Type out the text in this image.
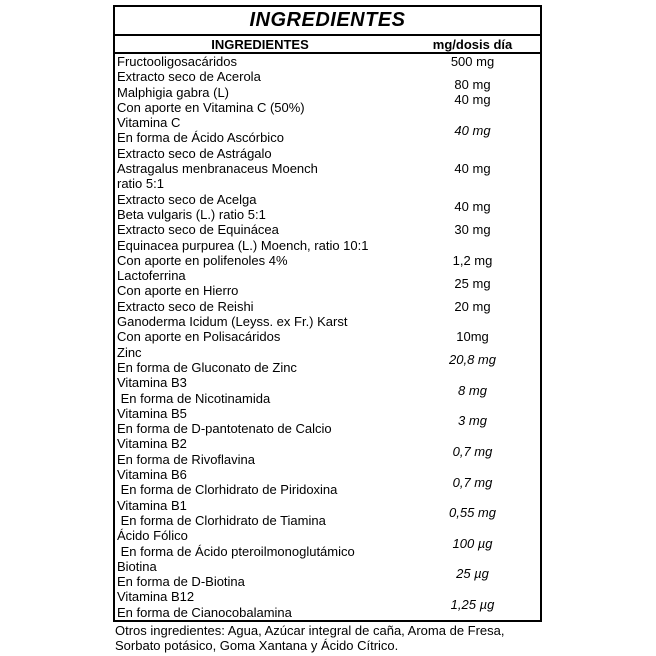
INGREDIENTES
INGREDIENTES	mg/dosis día
Fructooligosacáridos	500 mg
Extracto seco de Acerola
Malphigia gabra (L)
Con aporte en Vitamina C (50%)
80 mg
40 mg
Vitamina C
En forma de Ácido Ascórbico
40 mg
Extracto seco de Astrágalo
Astragalus menbranaceus Moench
ratio 5:1
40 mg
Extracto seco de Acelga
Beta vulgaris (L.) ratio 5:1
40 mg
Extracto seco de Equinácea
Equinacea purpurea (L.) Moench, ratio 10:1
Con aporte en polifenoles 4%
30 mg
1,2 mg
Lactoferrina
Con aporte en Hierro
25 mg
Extracto seco de Reishi
Ganoderma Icidum (Leyss. ex Fr.) Karst
Con aporte en Polisacáridos
20 mg
10mg
Zinc
En forma de Gluconato de Zinc
20,8 mg
Vitamina B3
En forma de Nicotinamida
8 mg
Vitamina B5
En forma de D-pantotenato de Calcio
3 mg
Vitamina B2
En forma de Rivoflavina
0,7 mg
Vitamina B6
En forma de Clorhidrato de Piridoxina
0,7 mg
Vitamina B1
En forma de Clorhidrato de Tiamina
0,55 mg
Ácido Fólico
En forma de Ácido pteroilmonoglutámico
100 µg
Biotina
En forma de D-Biotina
25 µg
Vitamina B12
En forma de Cianocobalamina
1,25 µg
Otros ingredientes: Agua, Azúcar integral de caña, Aroma de Fresa,
Sorbato potásico, Goma Xantana y Ácido Cítrico.
